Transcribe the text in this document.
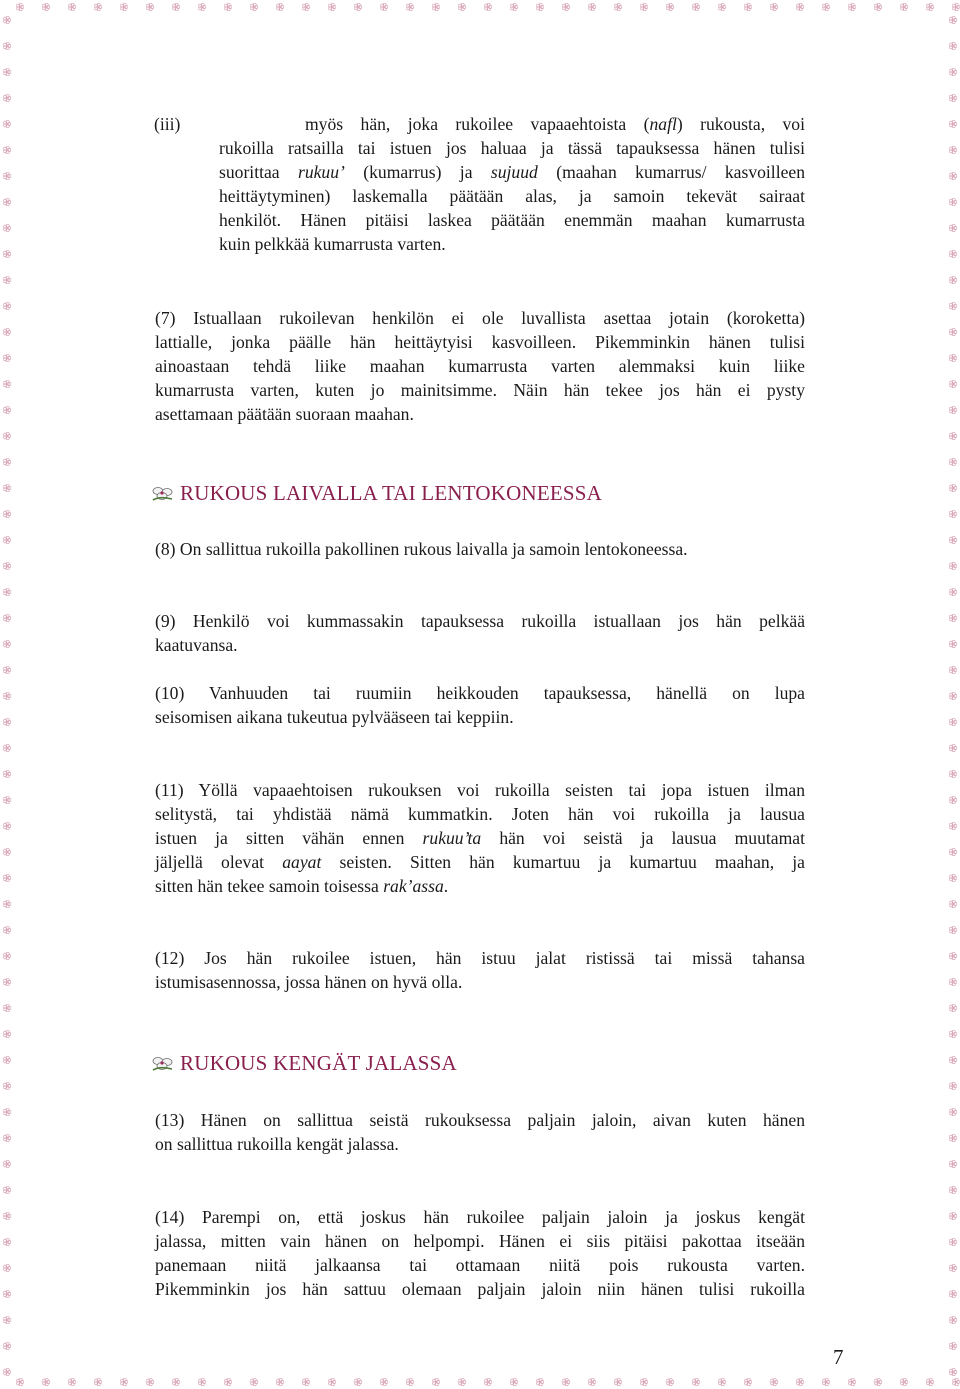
(iii)	myös hän, joka rukoilee vapaaehtoista (nafl) rukousta, voi
rukoilla ratsailla tai istuen jos haluaa ja tässä tapauksessa hänen tulisi
suorittaa rukuu’ (kumarrus) ja sujuud (maahan kumarrus/ kasvoilleen
heittäytyminen) laskemalla päätään alas, ja samoin tekevät sairaat
henkilöt. Hänen pitäisi laskea päätään enemmän maahan kumarrusta
kuin pelkkää kumarrusta varten.
(7) Istuallaan rukoilevan henkilön ei ole luvallista asettaa jotain (koroketta)
lattialle, jonka päälle hän heittäytyisi kasvoilleen. Pikemminkin hänen tulisi
ainoastaan tehdä liike maahan kumarrusta varten alemmaksi kuin liike
kumarrusta varten, kuten jo mainitsimme. Näin hän tekee jos hän ei pysty
asettamaan päätään suoraan maahan.
RUKOUS LAIVALLA TAI LENTOKONEESSA
(8) On sallittua rukoilla pakollinen rukous laivalla ja samoin lentokoneessa.
(9) Henkilö voi kummassakin tapauksessa rukoilla istuallaan jos hän pelkää
kaatuvansa.
(10) Vanhuuden tai ruumiin heikkouden tapauksessa, hänellä on lupa
seisomisen aikana tukeutua pylvääseen tai keppiin.
(11) Yöllä vapaaehtoisen rukouksen voi rukoilla seisten tai jopa istuen ilman
selitystä, tai yhdistää nämä kummatkin. Joten hän voi rukoilla ja lausua
istuen ja sitten vähän ennen rukuu’ta hän voi seistä ja lausua muutamat
jäljellä olevat aayat seisten. Sitten hän kumartuu ja kumartuu maahan, ja
sitten hän tekee samoin toisessa rak’assa.
(12) Jos hän rukoilee istuen, hän istuu jalat ristissä tai missä tahansa
istumisasennossa, jossa hänen on hyvä olla.
RUKOUS KENGÄT JALASSA
(13) Hänen on sallittua seistä rukouksessa paljain jaloin, aivan kuten hänen
on sallittua rukoilla kengät jalassa.
(14) Parempi on, että joskus hän rukoilee paljain jaloin ja joskus kengät
jalassa, mitten vain hänen on helpompi. Hänen ei siis pitäisi pakottaa itseään
panemaan niitä jalkaansa tai ottamaan niitä pois rukousta varten.
Pikemminkin jos hän sattuu olemaan paljain jaloin niin hänen tulisi rukoilla
7
